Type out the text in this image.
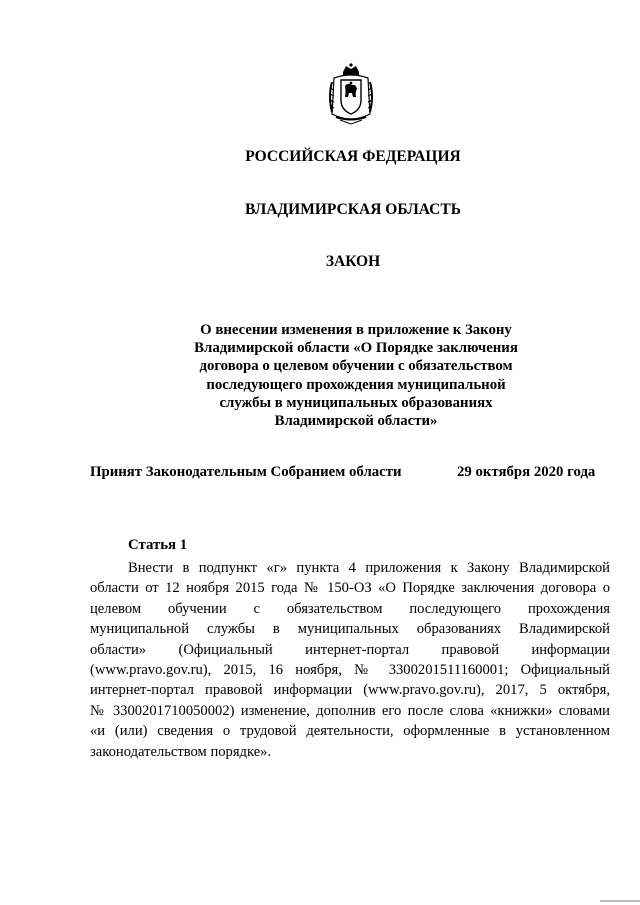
РОССИЙСКАЯ ФЕДЕРАЦИЯ
ВЛАДИМИРСКАЯ ОБЛАСТЬ
ЗАКОН
О внесении изменения в приложение к Закону
Владимирской области «О Порядке заключения
договора о целевом обучении с обязательством
последующего прохождения муниципальной
службы в муниципальных образованиях
Владимирской области»
Принят Законодательным Собранием области	29 октября 2020 года
Статья 1
Внести в подпункт «г» пункта 4 приложения к Закону Владимирской
области от 12 ноября 2015 года № 150-ОЗ «О Порядке заключения договора о
целевом обучении с обязательством последующего прохождения
муниципальной службы в муниципальных образованиях Владимирской
области» (Официальный интернет-портал правовой информации
(www.pravo.gov.ru), 2015, 16 ноября, № 3300201511160001; Официальный
интернет-портал правовой информации (www.pravo.gov.ru), 2017, 5 октября,
№ 3300201710050002) изменение, дополнив его после слова «книжки» словами
«и (или) сведения о трудовой деятельности, оформленные в установленном
законодательством порядке».
